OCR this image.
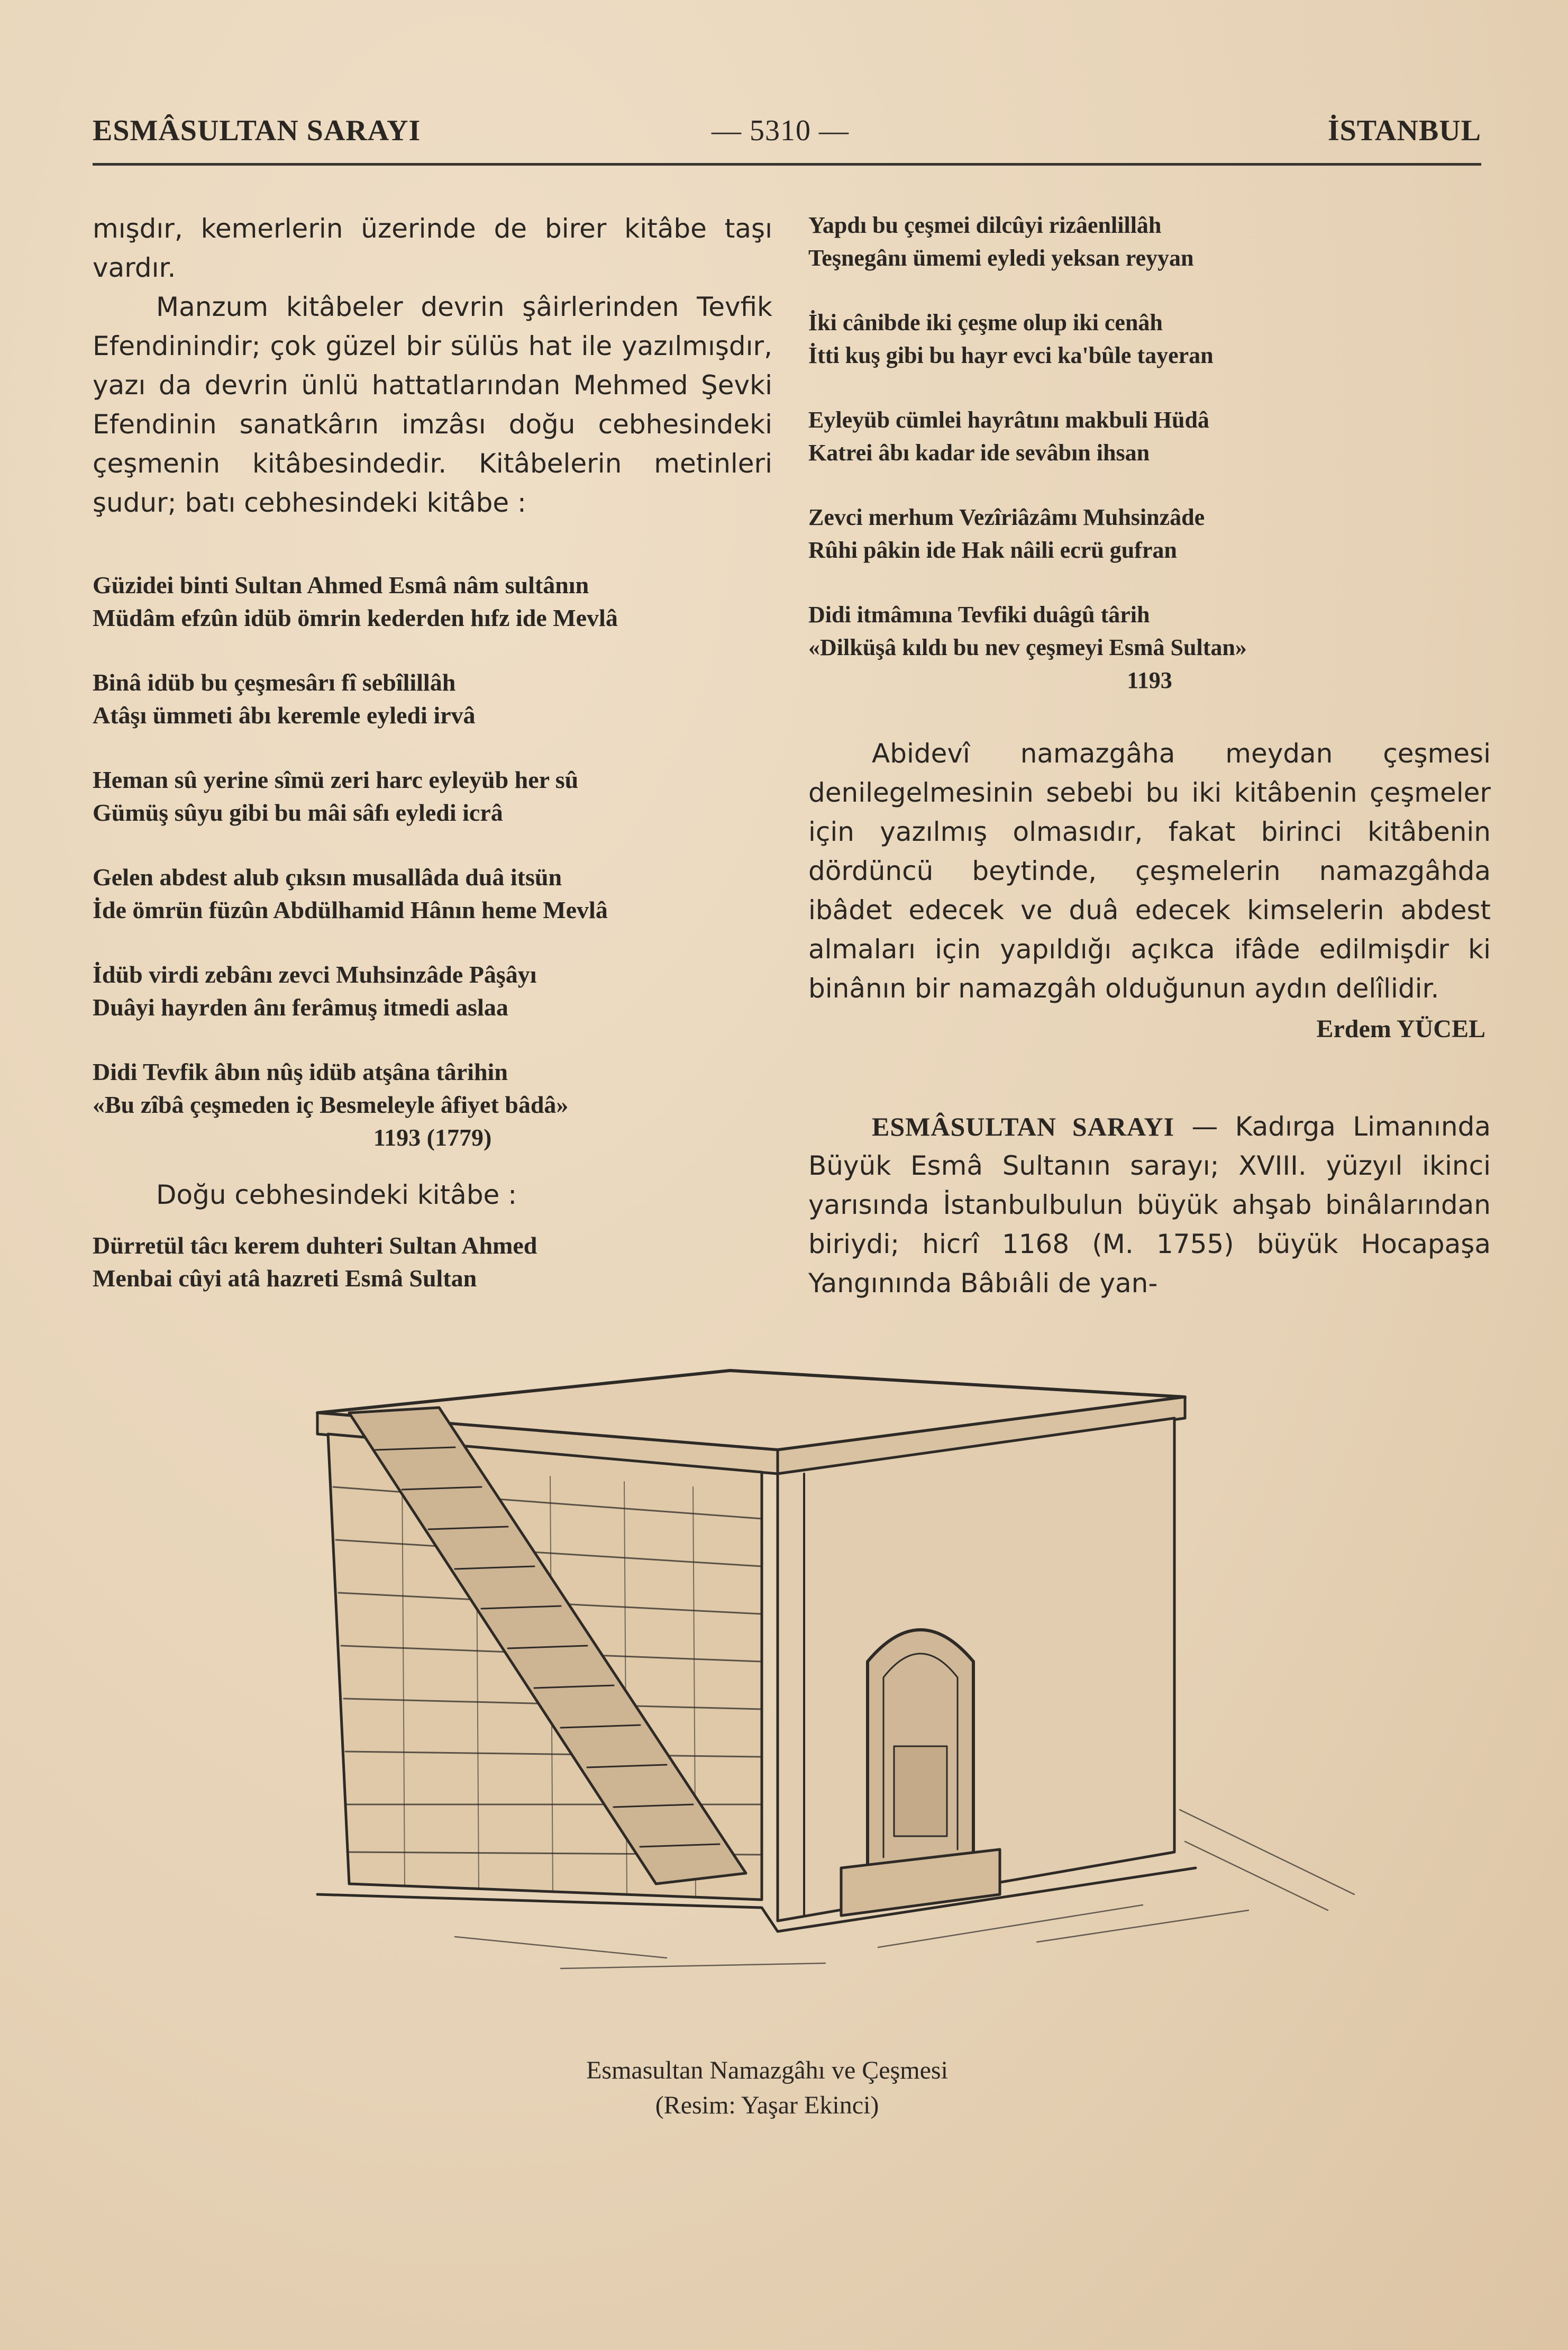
ESMÂSULTAN SARAYI	— 5310 —	İSTANBUL

mışdır, kemerlerin üzerinde de birer kitâbe taşı vardır.

Manzum kitâbeler devrin şâirlerinden Tevfik Efendinindir; çok güzel bir sülüs hat ile yazılmışdır, yazı da devrin ünlü hattatlarından Mehmed Şevki Efendinin sanatkârın imzâsı doğu cebhesindeki çeşmenin kitâbesindedir. Kitâbelerin metinleri şudur; batı cebhesindeki kitâbe :

Güzidei binti Sultan Ahmed Esmâ nâm sultânın
Müdâm efzûn idüb ömrin kederden hıfz ide Mevlâ
Binâ idüb bu çeşmesârı fî sebîlillâh
Atâşı ümmeti âbı keremle eyledi irvâ
Heman sû yerine sîmü zeri harc eyleyüb her sû
Gümüş sûyu gibi bu mâi sâfı eyledi icrâ
Gelen abdest alub çıksın musallâda duâ itsün
İde ömrün füzûn Abdülhamid Hânın heme Mevlâ
İdüb virdi zebânı zevci Muhsinzâde Pâşâyı
Duâyi hayrden ânı ferâmuş itmedi aslaa
Didi Tevfik âbın nûş idüb atşâna târihin
«Bu zîbâ çeşmeden iç Besmeleyle âfiyet bâdâ»
1193 (1779)

Doğu cebhesindeki kitâbe :

Dürretül tâcı kerem duhteri Sultan Ahmed
Menbai cûyi atâ hazreti Esmâ Sultan
Yapdı bu çeşmei dilcûyi rizâenlillâh
Teşnegânı ümemi eyledi yeksan reyyan
İki cânibde iki çeşme olup iki cenâh
İtti kuş gibi bu hayr evci ka'bûle tayeran
Eyleyüb cümlei hayrâtını makbuli Hüdâ
Katrei âbı kadar ide sevâbın ihsan
Zevci merhum Vezîriâzâmı Muhsinzâde
Rûhi pâkin ide Hak nâili ecrü gufran
Didi itmâmına Tevfiki duâgû târih
«Dilküşâ kıldı bu nev çeşmeyi Esmâ Sultan»
1193

Abidevî namazgâha meydan çeşmesi denilegelmesinin sebebi bu iki kitâbenin çeşmeler için yazılmış olmasıdır, fakat birinci kitâbenin dördüncü beytinde, çeşmelerin namazgâhda ibâdet edecek ve duâ edecek kimselerin abdest almaları için yapıldığı açıkca ifâde edilmişdir ki binânın bir namazgâh olduğunun aydın delîlidir.

Erdem YÜCEL

ESMÂSULTAN SARAYI — Kadırga Limanında Büyük Esmâ Sultanın sarayı; XVIII. yüzyıl ikinci yarısında İstanbulbulun büyük ahşab binâlarından biriydi; hicrî 1168 (M. 1755) büyük Hocapaşa Yangınında Bâbıâli de yan-

Esmasultan Namazgâhı ve Çeşmesi
(Resim: Yaşar Ekinci)
